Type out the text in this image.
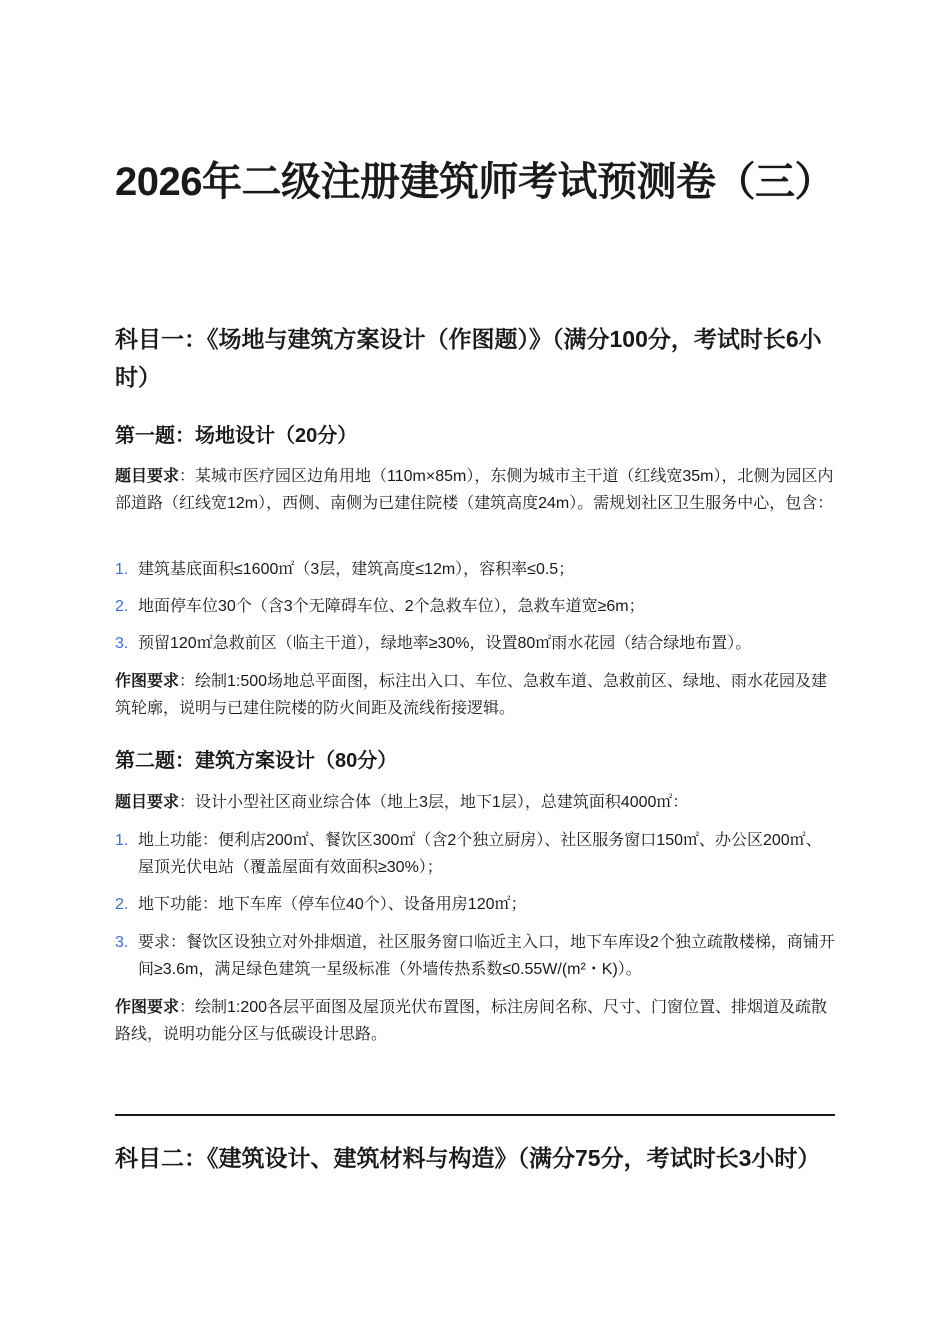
2026年二级注册建筑师考试预测卷（三）
科目一：《场地与建筑方案设计（作图题）》（满分100分，考试时长6小时）
第一题：场地设计（20分）

题目要求：某城市医疗园区边角用地（110m×85m），东侧为城市主干道（红线宽35m），北侧为园区内部道路（红线宽12m），西侧、南侧为已建住院楼（建筑高度24m）。需规划社区卫生服务中心，包含：

1. 建筑基底面积≤1600㎡（3层，建筑高度≤12m），容积率≤0.5；
2. 地面停车位30个（含3个无障碍车位、2个急救车位），急救车道宽≥6m；
3. 预留120㎡急救前区（临主干道），绿地率≥30%，设置80㎡雨水花园（结合绿地布置）。

作图要求：绘制1:500场地总平面图，标注出入口、车位、急救车道、急救前区、绿地、雨水花园及建筑轮廓，说明与已建住院楼的防火间距及流线衔接逻辑。

第二题：建筑方案设计（80分）

题目要求：设计小型社区商业综合体（地上3层，地下1层），总建筑面积4000㎡：

1. 地上功能：便利店200㎡、餐饮区300㎡（含2个独立厨房）、社区服务窗口150㎡、办公区200㎡、屋顶光伏电站（覆盖屋面有效面积≥30%）；
2. 地下功能：地下车库（停车位40个）、设备用房120㎡；
3. 要求：餐饮区设独立对外排烟道，社区服务窗口临近主入口，地下车库设2个独立疏散楼梯，商铺开间≥3.6m，满足绿色建筑一星级标准（外墙传热系数≤0.55W/(m²・K)）。

作图要求：绘制1:200各层平面图及屋顶光伏布置图，标注房间名称、尺寸、门窗位置、排烟道及疏散路线，说明功能分区与低碳设计思路。

科目二：《建筑设计、建筑材料与构造》（满分75分，考试时长3小时）
